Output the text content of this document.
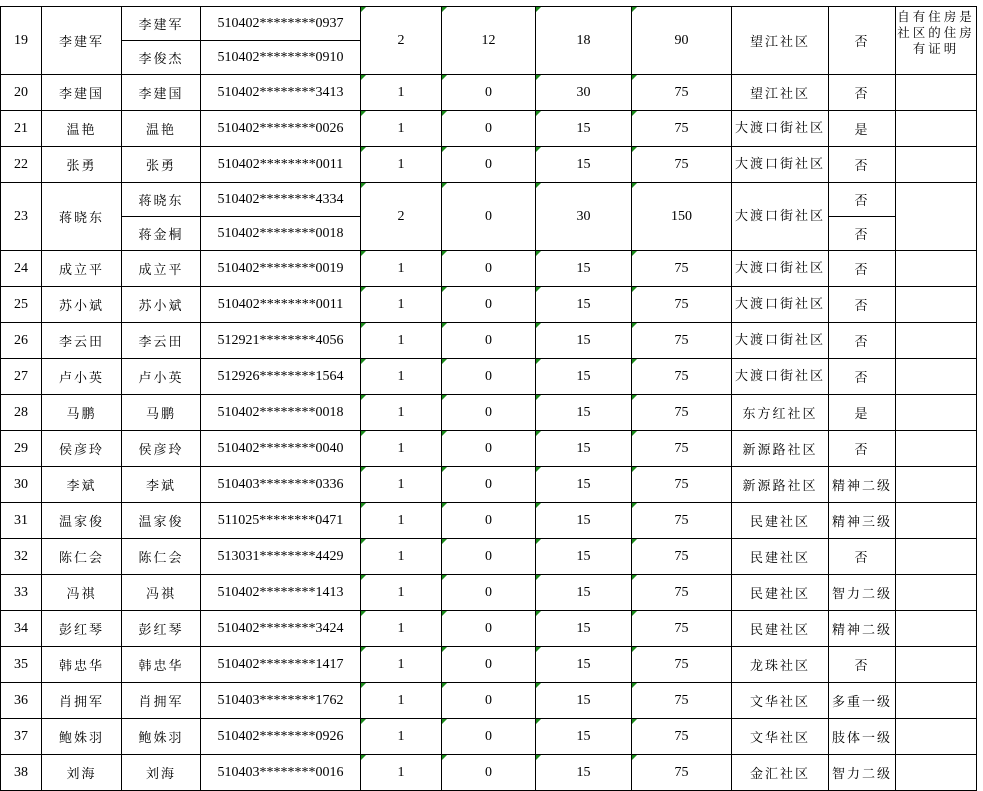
19	李建军	李建军	510402********0937	2	12	18	90	望江社区	否	自有住房是社区的住房有证明
		李俊杰	510402********0910							
20	李建国	李建国	510402********3413	1	0	30	75	望江社区	否	
21	温艳	温艳	510402********0026	1	0	15	75	大渡口街社区	是	
22	张勇	张勇	510402********0011	1	0	15	75	大渡口街社区	否	
23	蒋晓东	蒋晓东	510402********4334	2	0	30	150	大渡口街社区	否	
		蒋金桐	510402********0018						否	
24	成立平	成立平	510402********0019	1	0	15	75	大渡口街社区	否	
25	苏小斌	苏小斌	510402********0011	1	0	15	75	大渡口街社区	否	
26	李云田	李云田	512921********4056	1	0	15	75	大渡口街社区	否	
27	卢小英	卢小英	512926********1564	1	0	15	75	大渡口街社区	否	
28	马鹏	马鹏	510402********0018	1	0	15	75	东方红社区	是	
29	侯彦玲	侯彦玲	510402********0040	1	0	15	75	新源路社区	否	
30	李斌	李斌	510403********0336	1	0	15	75	新源路社区	精神二级	
31	温家俊	温家俊	511025********0471	1	0	15	75	民建社区	精神三级	
32	陈仁会	陈仁会	513031********4429	1	0	15	75	民建社区	否	
33	冯祺	冯祺	510402********1413	1	0	15	75	民建社区	智力二级	
34	彭红琴	彭红琴	510402********3424	1	0	15	75	民建社区	精神二级	
35	韩忠华	韩忠华	510402********1417	1	0	15	75	龙珠社区	否	
36	肖拥军	肖拥军	510403********1762	1	0	15	75	文华社区	多重一级	
37	鲍姝羽	鲍姝羽	510402********0926	1	0	15	75	文华社区	肢体一级	
38	刘海	刘海	510403********0016	1	0	15	75	金汇社区	智力二级	
